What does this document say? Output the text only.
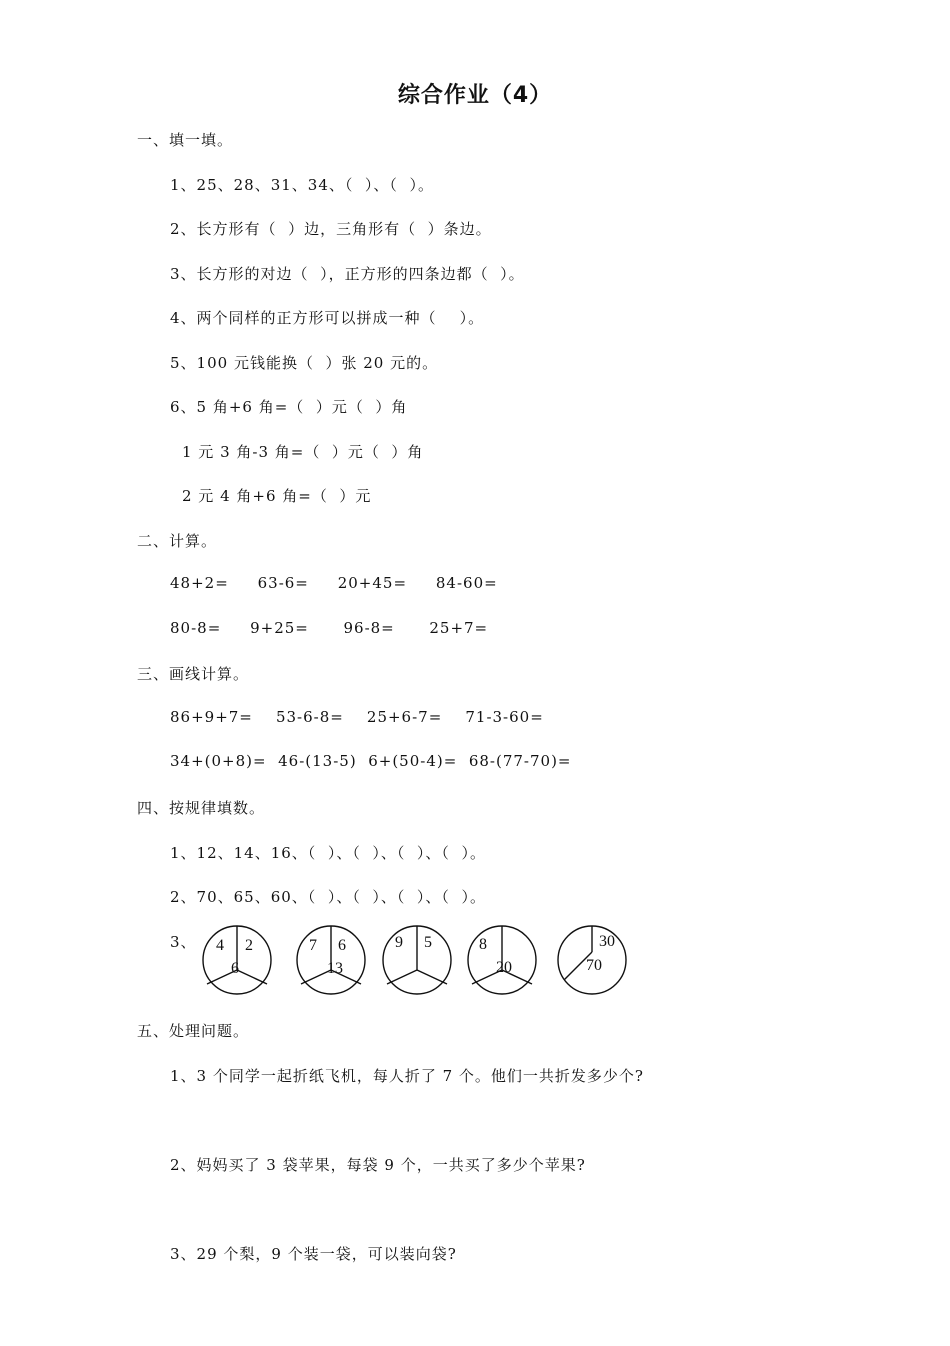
综合作业（4）
一、填一填。
1、25、28、31、34、（  ）、（  ）。
2、长方形有（  ）边，三角形有（  ）条边。
3、长方形的对边（  ），正方形的四条边都（  ）。
4、两个同样的正方形可以拼成一种（    ）。
5、100 元钱能换（  ）张 20 元的。
6、5 角+6 角=（  ）元（  ）角
1 元 3 角-3 角=（  ）元（  ）角
2 元 4 角+6 角=（  ）元
二、计算。
48+2=     63-6=     20+45=     84-60=
80-8=     9+25=      96-8=      25+7=
三、画线计算。
86+9+7=    53-6-8=    25+6-7=    71-3-60=
34+(0+8)=  46-(13-5)  6+(50-4)=  68-(77-70)=
四、按规律填数。
1、12、14、16、（  ）、（  ）、（  ）、（  ）。
2、70、65、60、（  ）、（  ）、（  ）、（  ）。
3、 4 2
6
7 6
13
9 5	8
20
30
70
五、处理问题。
1、3 个同学一起折纸飞机，每人折了 7 个。他们一共折发多少个?
2、妈妈买了 3 袋苹果，每袋 9 个，一共买了多少个苹果?
3、29 个梨，9 个装一袋，可以装向袋?
